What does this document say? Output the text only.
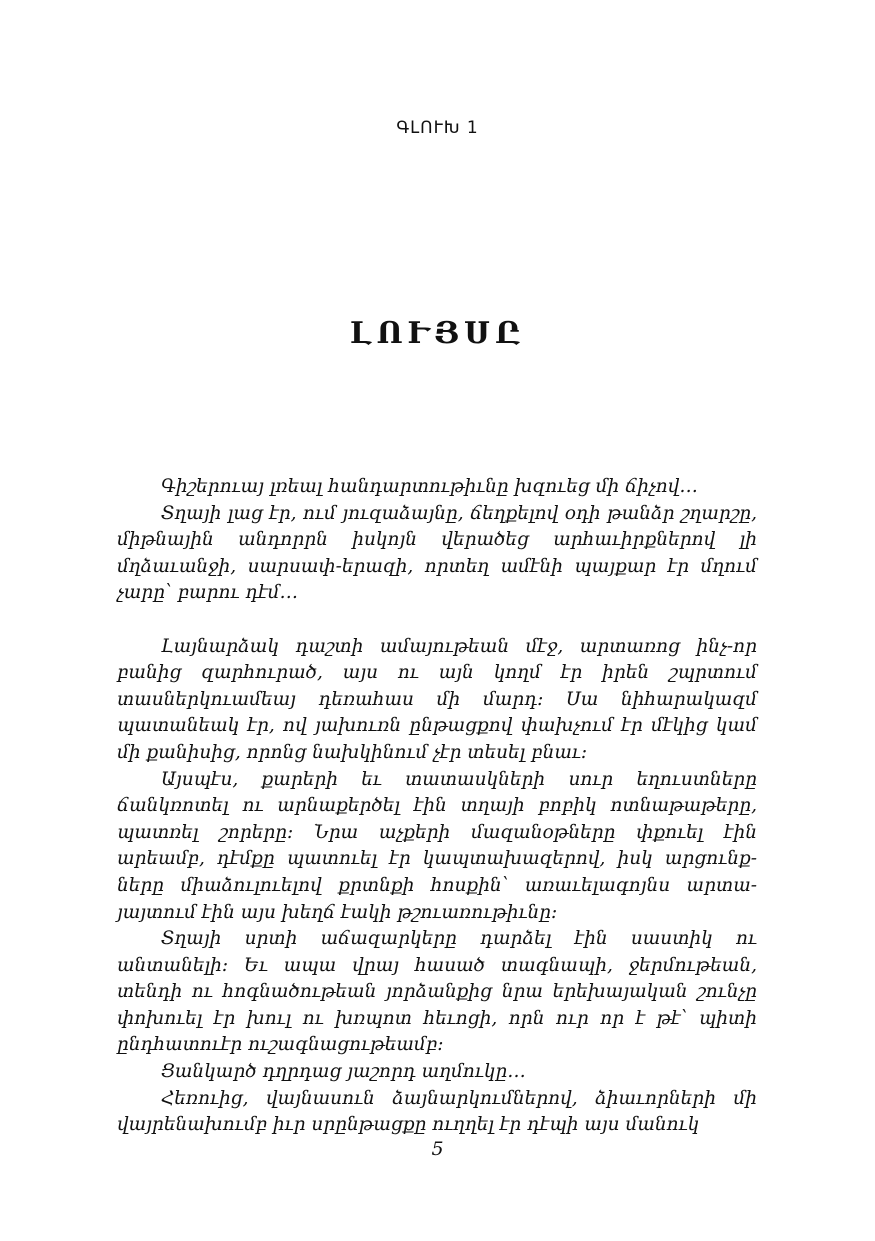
ԳԼՈՒԽ 1
ԼՈՒՅՍԸ

Գիշերուայ լռեալ հանդարտութիւնը խզուեց մի ճիչով…

Տղայի լաց էր, ում յուզաձայնը, ճեղքելով օդի թանձր շղարշը, միթնային անդորրն իսկոյն վերածեց արհաւիրքներով լի մղձաւանջի, սարսափ-երազի, որտեղ ամէնի պայքար էր մղում չարը՝ բարու դէմ…

Լայնարձակ դաշտի ամայութեան մէջ, արտառոց ինչ-որ բանից զարհուրած, այս ու այն կողմ էր իրեն շպրտում տասներկուամեայ դեռահաս մի մարդ: Սա նիհարակազմ պատանեակ էր, ով յախուռն ընթացքով փախչում էր մէկից կամ մի քանիսից, որոնց նախկինում չէր տեսել բնաւ:

Այսպէս, քարերի եւ տատասկների սուր եղուստները ճանկռոտել ու արնաքերծել էին տղայի բոբիկ ոտնաթաթերը, պատռել շորերը: Նրա աչքերի մազանօթները փքուել էին արեամբ, դէմքը պատուել էր կապտախազերով, իսկ արցունք-ները միաձուլուելով քրտնքի հոսքին՝ առաւելագոյնս արտա-յայտում էին այս խեղճ էակի թշուառութիւնը:

Տղայի սրտի աճազարկերը դարձել էին սաստիկ ու անտանելի: Եւ ապա վրայ հասած տագնապի, ջերմութեան, տենդի ու հոգնածութեան յորձանքից նրա երեխայական շունչը փոխուել էր խուլ ու խռպոտ հեւոցի, որն ուր որ է թէ՝ պիտի ընդհատուէր ուշագնացութեամբ:

Ցանկարծ դղրդաց յաշորդ աղմուկը…

Հեռուից, վայնասուն ձայնարկումներով, ձիաւորների մի վայրենախումբ իւր սրընթացքը ուղղել էր դէպի այս մանուկ

5
